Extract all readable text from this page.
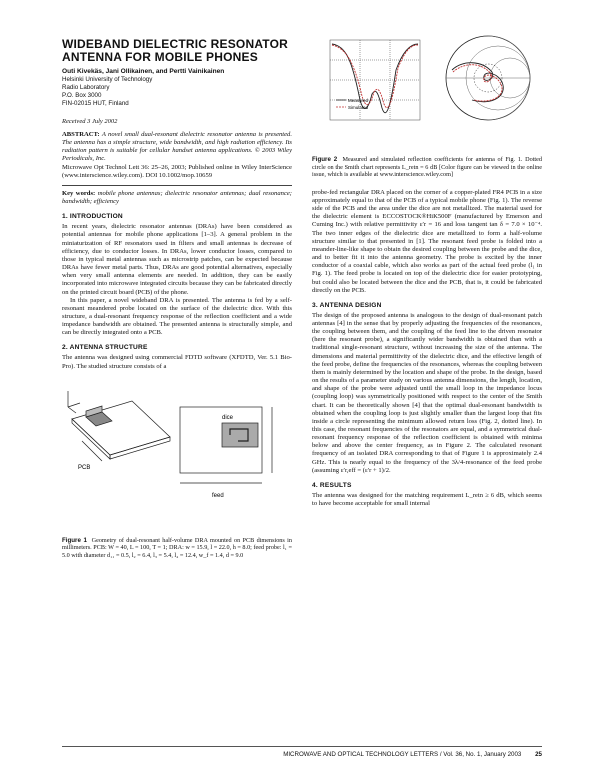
WIDEBAND DIELECTRIC RESONATOR
ANTENNA FOR MOBILE PHONES
Outi Kivekäs, Jani Ollikainen, and Pertti Vainikainen
Helsinki University of Technology
Radio Laboratory
P.O. Box 3000
FIN-02015 HUT, Finland
Received 3 July 2002

ABSTRACT: A novel small dual-resonant dielectric resonator antenna is presented. The antenna has a simple structure, wide bandwidth, and high radiation efficiency. Its radiation pattern is suitable for cellular handset antenna applications. © 2003 Wiley Periodicals, Inc.

Microwave Opt Technol Lett 36: 25–26, 2003; Published online in Wiley InterScience (www.interscience.wiley.com). DOI 10.1002/mop.10659

Key words: mobile phone antennas; dielectric resonator antennas; dual resonance; bandwidth; efficiency

1. INTRODUCTION

In recent years, dielectric resonator antennas (DRAs) have been considered as potential antennas for mobile phone applications [1–3]. A general problem in the miniaturization of RF resonators used in filters and small antennas is decrease of efficiency, due to conductor losses. In DRAs, lower conductor losses, compared to those in typical metal antennas such as microstrip patches, can be expected because DRAs have fewer metal parts. Thus, DRAs are good potential alternatives, especially when very small antenna elements are needed. In addition, they can be easily incorporated into microwave integrated circuits because they can be fabricated directly on the printed circuit board (PCB) of the phone.

In this paper, a novel wideband DRA is presented. The antenna is fed by a self-resonant meandered probe located on the surface of the dielectric dice. With this structure, a dual-resonant frequency response of the reflection coefficient and a wide impedance bandwidth are obtained. The presented antenna is structurally simple, and can be directly integrated onto a PCB.

2. ANTENNA STRUCTURE

The antenna was designed using commercial FDTD software (XFDTD, Ver. 5.1 Bio-Pro). The studied structure consists of a

PCB
feed
dice

Figure 1 Geometry of dual-resonant half-volume DRA mounted on PCB dimensions in millimeters. PCB: W = 40, L = 100, T = 1; DRA: w = 15.9, l = 22.0, h = 8.0; feed probe: l₁ = 5.0 with diameter d₁₁ = 0.5, l₂ = 6.4, l₃ = 5.4, l₄ = 12.4, w_f = 1.4, d = 9.0

Measured
Simulated

Figure 2 Measured and simulated reflection coefficients for antenna of Fig. 1. Dotted circle on the Smith chart represents L_retn = 6 dB [Color figure can be viewed in the online issue, which is available at www.interscience.wiley.com]

probe-fed rectangular DRA placed on the corner of a copper-plated FR4 PCB in a size approximately equal to that of the PCB of a typical mobile phone (Fig. 1). The reverse side of the PCB and the area under the dice are not metallized. The material used for the dielectric element is ECCOSTOCK®HiK500F (manufactured by Emerson and Cuming Inc.) with relative permittivity ε′r = 16 and loss tangent tan δ = 7.0 × 10⁻⁴. The two inner edges of the dielectric dice are metallized to form a half-volume structure similar to that presented in [1]. The resonant feed probe is folded into a meander-line-like shape to obtain the desired coupling between the probe and the dice, and to better fit it into the antenna geometry. The probe is excited by the inner conductor of a coaxial cable, which also works as part of the actual feed probe (l₁ in Fig. 1). The feed probe is located on top of the dielectric dice for easier prototyping, but could also be located between the dice and the PCB, that is, it could be fabricated directly on the PCB.

3. ANTENNA DESIGN

The design of the proposed antenna is analogous to the design of dual-resonant patch antennas [4] in the sense that by properly adjusting the frequencies of the resonances, the coupling between them, and the coupling of the feed line to the driven resonator (here the resonant probe), a significantly wider bandwidth is obtained than with a traditional single-resonant structure, without increasing the size of the antenna. The dimensions and material permittivity of the dielectric dice, and the effective length of the feed probe, define the frequencies of the resonances, whereas the coupling between them is mainly determined by the location and shape of the probe. In the design, based on the results of a parameter study on various antenna dimensions, the length, location, and shape of the probe were adjusted until the small loop in the impedance locus (coupling loop) was symmetrically positioned with respect to the center of the Smith chart. It can be theoretically shown [4] that the optimal dual-resonant bandwidth is obtained when the coupling loop is just slightly smaller than the largest loop that fits inside a circle representing the minimum allowed return loss (Fig. 2, dotted line). In this case, the resonant frequencies of the resonators are equal, and a symmetrical dual-resonant frequency response of the reflection coefficient is obtained with minima below and above the center frequency, as in Figure 2. The calculated resonant frequency of an isolated DRA corresponding to that of Figure 1 is approximately 2.4 GHz. This is nearly equal to the frequency of the 3λ/4-resonance of the feed probe (assuming ε′r,eff = (ε′r + 1)/2.

4. RESULTS

The antenna was designed for the matching requirement L_retn ≥ 6 dB, which seems to have become acceptable for small internal

MICROWAVE AND OPTICAL TECHNOLOGY LETTERS / Vol. 36, No. 1, January 2003 25
